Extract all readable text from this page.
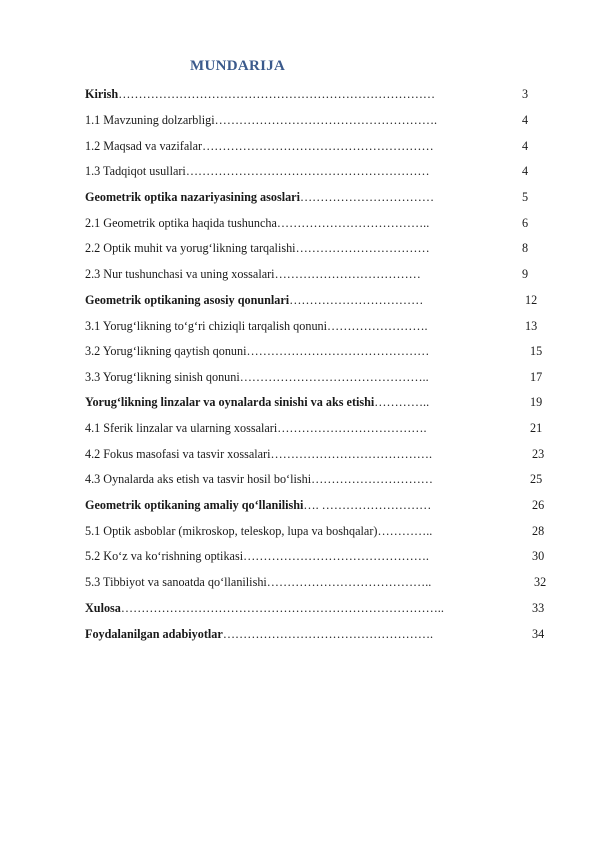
MUNDARIJA
Kirish……………………………………………………………………	3
1.1 Mavzuning dolzarbligi……………………………………………….	4
1.2 Maqsad va vazifalar…………………………………………………	4
1.3 Tadqiqot usullari……………………………………………………	4
Geometrik optika nazariyasining asoslari……………………………	5
2.1 Geometrik optika haqida tushuncha………………………………..	6
2.2 Optik muhit va yorug‘likning tarqalishi……………………………	8
2.3 Nur tushunchasi va uning xossalari………………………………	9
Geometrik optikaning asosiy qonunlari……………………………	12
3.1 Yorug‘likning to‘g‘ri chiziqli tarqalish qonuni…………………….	13
3.2 Yorug‘likning qaytish qonuni………………………………………	15
3.3 Yorug‘likning sinish qonuni………………………………………..	17
Yorug‘likning linzalar va oynalarda sinishi va aks etishi…………..	19
4.1 Sferik linzalar va ularning xossalari……………………………….	21
4.2 Fokus masofasi va tasvir xossalari………………………………….	23
4.3 Oynalarda aks etish va tasvir hosil bo‘lishi…………………………	25
Geometrik optikaning amaliy qo‘llanilishi…. ………………………	26
5.1 Optik asboblar (mikroskop, teleskop, lupa va boshqalar)…………..	28
5.2 Ko‘z va ko‘rishning optikasi……………………………………….	30
5.3 Tibbiyot va sanoatda qo‘llanilishi…………………………………..	32
Xulosa……………………………………………………………………..	33
Foydalanilgan adabiyotlar…………………………………………….	34
